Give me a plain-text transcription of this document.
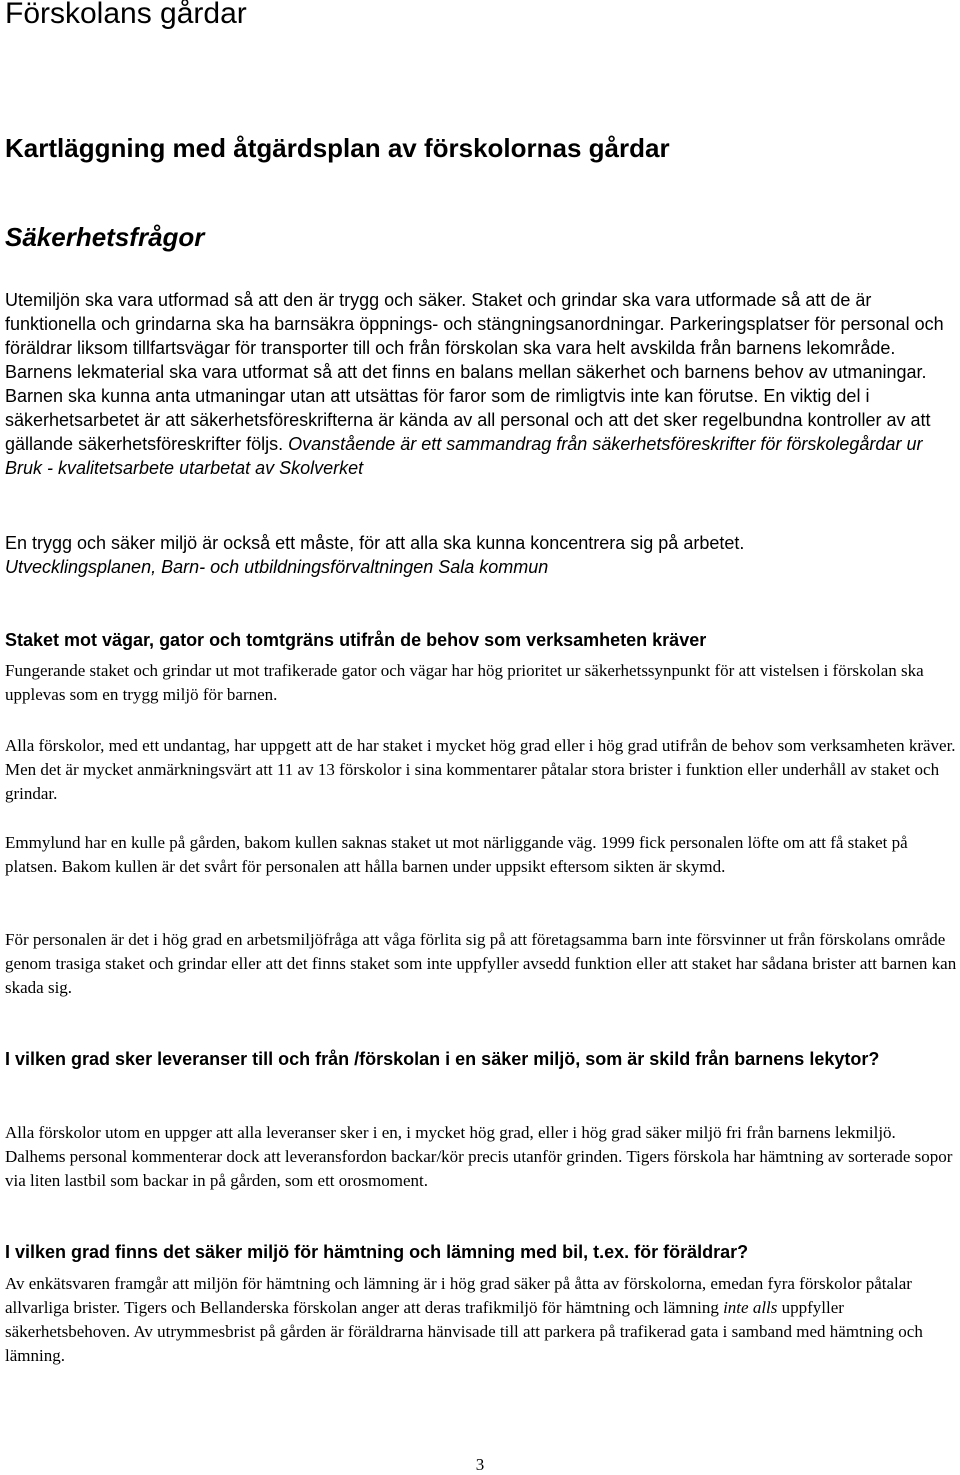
Förskolans gårdar
Kartläggning med åtgärdsplan av förskolornas gårdar
Säkerhetsfrågor
Utemiljön ska vara utformad så att den är trygg och säker. Staket och grindar ska vara utformade så att de är funktionella och grindarna ska ha barnsäkra öppnings- och stängningsanordningar. Parkeringsplatser för personal och föräldrar liksom tillfartsvägar för transporter till och från förskolan ska vara helt avskilda från barnens lekområde. Barnens lekmaterial ska vara utformat så att det finns en balans mellan säkerhet och barnens behov av utmaningar. Barnen ska kunna anta utmaningar utan att utsättas för faror som de rimligtvis inte kan förutse. En viktig del i säkerhetsarbetet är att säkerhetsföreskrifterna är kända av all personal och att det sker regelbundna kontroller av att gällande säkerhetsföreskrifter följs. Ovanstående är ett sammandrag från säkerhetsföreskrifter för förskolegårdar ur Bruk - kvalitetsarbete utarbetat av Skolverket

En trygg och säker miljö är också ett måste, för att alla ska kunna koncentrera sig på arbetet.

Utvecklingsplanen, Barn- och utbildningsförvaltningen Sala kommun

Staket mot vägar, gator och tomtgräns utifrån de behov som verksamheten kräver

Fungerande staket och grindar ut mot trafikerade gator och vägar har hög prioritet ur säkerhetssynpunkt för att vistelsen i förskolan ska upplevas som en trygg miljö för barnen.

Alla förskolor, med ett undantag, har uppgett att de har staket i mycket hög grad eller i hög grad utifrån de behov som verksamheten kräver. Men det är mycket anmärkningsvärt att 11 av 13 förskolor i sina kommentarer påtalar stora brister i funktion eller underhåll av staket och grindar.

Emmylund har en kulle på gården, bakom kullen saknas staket ut mot närliggande väg. 1999 fick personalen löfte om att få staket på platsen. Bakom kullen är det svårt för personalen att hålla barnen under uppsikt eftersom sikten är skymd.

För personalen är det i hög grad en arbetsmiljöfråga att våga förlita sig på att företagsamma barn inte försvinner ut från förskolans område genom trasiga staket och grindar eller att det finns staket som inte uppfyller avsedd funktion eller att staket har sådana brister att barnen kan skada sig.

I vilken grad sker leveranser till och från /förskolan i en säker miljö, som är skild från barnens lekytor?

Alla förskolor utom en uppger att alla leveranser sker i en, i mycket hög grad, eller i hög grad säker miljö fri från barnens lekmiljö. Dalhems personal kommenterar dock att leveransfordon backar/kör precis utanför grinden. Tigers förskola har hämtning av sorterade sopor via liten lastbil som backar in på gården, som ett orosmoment.

I vilken grad finns det säker miljö för hämtning och lämning med bil, t.ex. för föräldrar?

Av enkätsvaren framgår att miljön för hämtning och lämning är i hög grad säker på åtta av förskolorna, emedan fyra förskolor påtalar allvarliga brister. Tigers och Bellanderska förskolan anger att deras trafikmiljö för hämtning och lämning inte alls uppfyller säkerhetsbehoven. Av utrymmesbrist på gården är föräldrarna hänvisade till att parkera på trafikerad gata i samband med hämtning och lämning.

3
